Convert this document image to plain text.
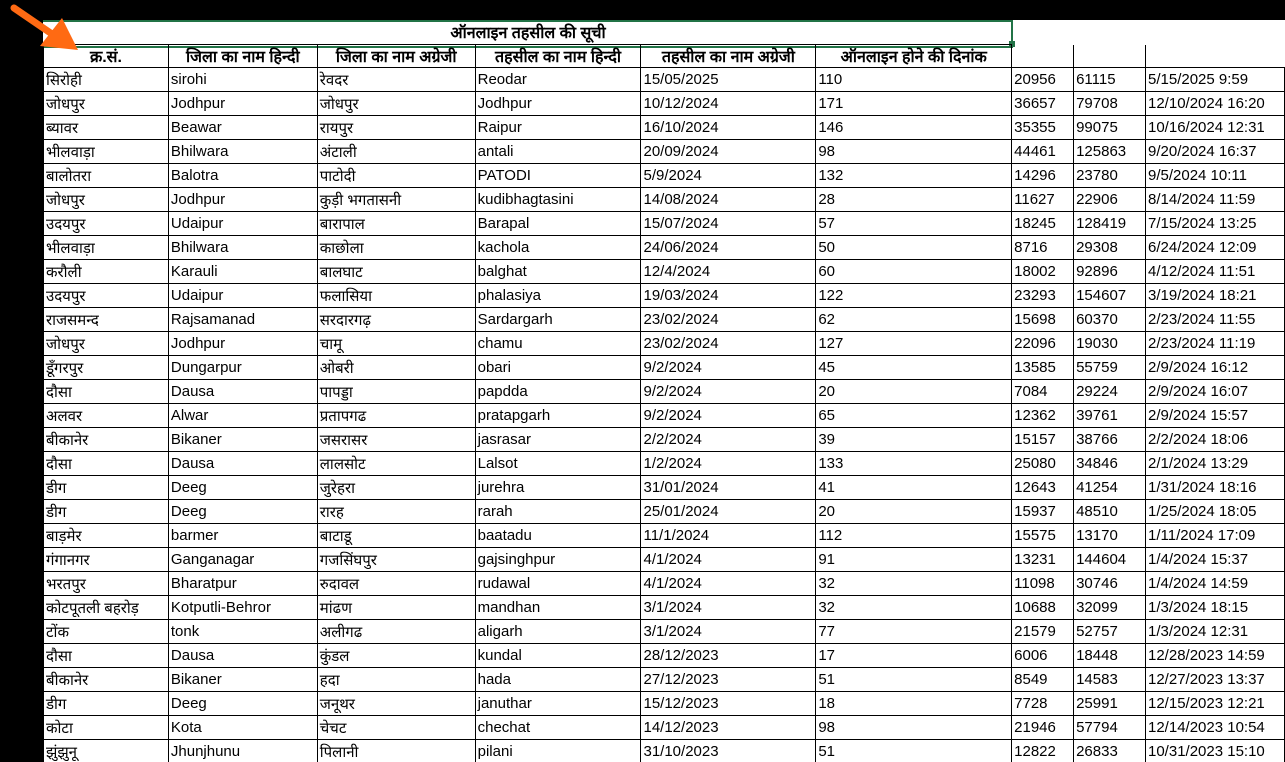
ऑनलाइन तहसील की सूची
क्र.सं.	जिला का नाम हिन्दी	जिला का नाम अग्रेजी	तहसील का नाम हिन्दी	तहसील का नाम अग्रेजी	ऑनलाइन होने की दिनांक			
सिरोही	sirohi	रेवदर	Reodar	15/05/2025	110	20956	61115	5/15/2025 9:59
जोधपुर	Jodhpur	जोधपुर	Jodhpur	10/12/2024	171	36657	79708	12/10/2024 16:20
ब्यावर	Beawar	रायपुर	Raipur	16/10/2024	146	35355	99075	10/16/2024 12:31
भीलवाड़ा	Bhilwara	अंटाली	antali	20/09/2024	98	44461	125863	9/20/2024 16:37
बालोतरा	Balotra	पाटोदी	PATODI	5/9/2024	132	14296	23780	9/5/2024 10:11
जोधपुर	Jodhpur	कुड़ी भगतासनी	kudibhagtasini	14/08/2024	28	11627	22906	8/14/2024 11:59
उदयपुर	Udaipur	बारापाल	Barapal	15/07/2024	57	18245	128419	7/15/2024 13:25
भीलवाड़ा	Bhilwara	काछोला	kachola	24/06/2024	50	8716	29308	6/24/2024 12:09
करौली	Karauli	बालघाट	balghat	12/4/2024	60	18002	92896	4/12/2024 11:51
उदयपुर	Udaipur	फलासिया	phalasiya	19/03/2024	122	23293	154607	3/19/2024 18:21
राजसमन्द	Rajsamanad	सरदारगढ़	Sardargarh	23/02/2024	62	15698	60370	2/23/2024 11:55
जोधपुर	Jodhpur	चामू	chamu	23/02/2024	127	22096	19030	2/23/2024 11:19
डूँगरपुर	Dungarpur	ओबरी	obari	9/2/2024	45	13585	55759	2/9/2024 16:12
दौसा	Dausa	पापड्डा	papdda	9/2/2024	20	7084	29224	2/9/2024 16:07
अलवर	Alwar	प्रतापगढ	pratapgarh	9/2/2024	65	12362	39761	2/9/2024 15:57
बीकानेर	Bikaner	जसरासर	jasrasar	2/2/2024	39	15157	38766	2/2/2024 18:06
दौसा	Dausa	लालसोट	Lalsot	1/2/2024	133	25080	34846	2/1/2024 13:29
डीग	Deeg	जुरेहरा	jurehra	31/01/2024	41	12643	41254	1/31/2024 18:16
डीग	Deeg	रारह	rarah	25/01/2024	20	15937	48510	1/25/2024 18:05
बाड़मेर	barmer	बाटाडू	baatadu	11/1/2024	112	15575	13170	1/11/2024 17:09
गंगानगर	Ganganagar	गजसिंघपुर	gajsinghpur	4/1/2024	91	13231	144604	1/4/2024 15:37
भरतपुर	Bharatpur	रुदावल	rudawal	4/1/2024	32	11098	30746	1/4/2024 14:59
कोटपूतली बहरोड़	Kotputli-Behror	मांढण	mandhan	3/1/2024	32	10688	32099	1/3/2024 18:15
टोंक	tonk	अलीगढ	aligarh	3/1/2024	77	21579	52757	1/3/2024 12:31
दौसा	Dausa	कुंडल	kundal	28/12/2023	17	6006	18448	12/28/2023 14:59
बीकानेर	Bikaner	हदा	hada	27/12/2023	51	8549	14583	12/27/2023 13:37
डीग	Deeg	जनूथर	januthar	15/12/2023	18	7728	25991	12/15/2023 12:21
कोटा	Kota	चेचट	chechat	14/12/2023	98	21946	57794	12/14/2023 10:54
झुंझुनू	Jhunjhunu	पिलानी	pilani	31/10/2023	51	12822	26833	10/31/2023 15:10
